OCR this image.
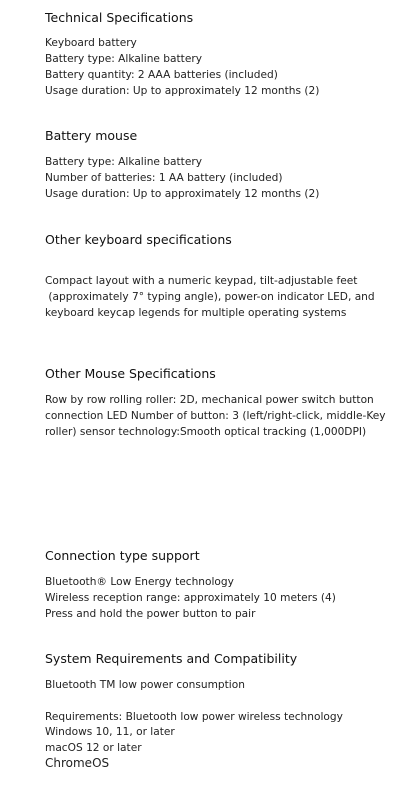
Technical Specifications

Keyboard battery

Battery type: Alkaline battery

Battery quantity: 2 AAA batteries (included)

Usage duration: Up to approximately 12 months (2)

Battery mouse

Battery type: Alkaline battery

Number of batteries: 1 AA battery (included)

Usage duration: Up to approximately 12 months (2)

Other keyboard specifications

Compact layout with a numeric keypad, tilt-adjustable feet

(approximately 7° typing angle), power-on indicator LED, and

keyboard keycap legends for multiple operating systems

Other Mouse Specifications

Row by row rolling roller: 2D, mechanical power switch button

connection LED Number of button: 3 (left/right-click, middle-Key

roller) sensor technology:Smooth optical tracking (1,000DPI)

Connection type support

Bluetooth® Low Energy technology

Wireless reception range: approximately 10 meters (4)

Press and hold the power button to pair

System Requirements and Compatibility

Bluetooth TM low power consumption

Requirements: Bluetooth low power wireless technology

Windows 10, 11, or later

macOS 12 or later

ChromeOS
